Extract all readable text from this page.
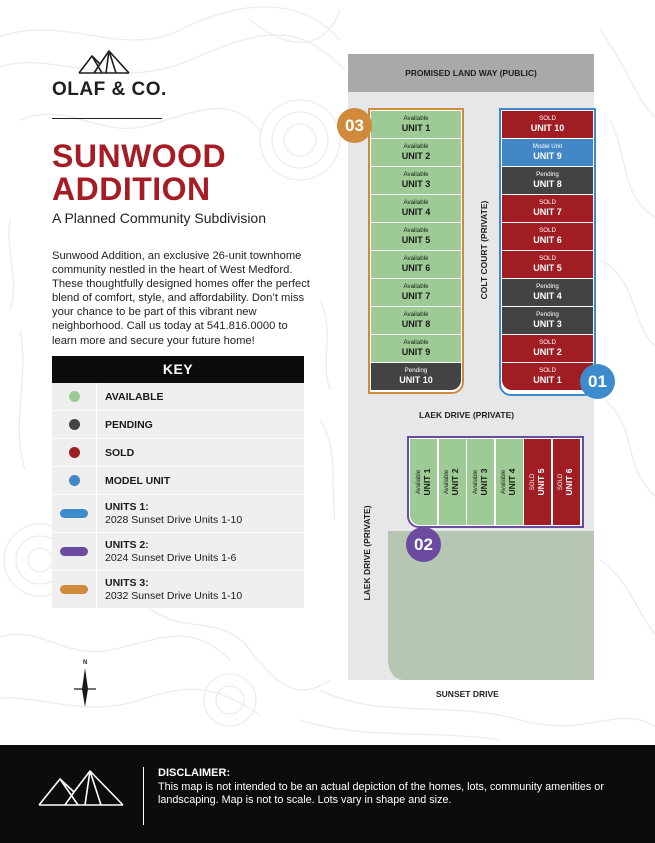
OLAF & CO.
SUNWOOD
ADDITION
A Planned Community Subdivision
Sunwood Addition, an exclusive 26-unit townhome community nestled in the heart of West Medford. These thoughtfully designed homes offer the perfect blend of comfort, style, and affordability. Don’t miss your chance to be part of this vibrant new neighborhood. Call us today at 541.816.0000 to learn more and secure your future home!
KEY
AVAILABLE
PENDING
SOLD
MODEL UNIT
UNITS 1:
2028 Sunset Drive Units 1-10
UNITS 2:
2024 Sunset Drive Units 1-6
UNITS 3:
2032 Sunset Drive Units 1-10
N
PROMISED LAND WAY (PUBLIC)
Available
UNIT 1
Available
UNIT 2
Available
UNIT 3
Available
UNIT 4
Available
UNIT 5
Available
UNIT 6
Available
UNIT 7
Available
UNIT 8
Available
UNIT 9
Pending
UNIT 10
03	SOLD
UNIT 10
Model Unit
UNIT 9
Pending
UNIT 8
SOLD
UNIT 7
SOLD
UNIT 6
SOLD
UNIT 5
Pending
UNIT 4
Pending
UNIT 3
SOLD
UNIT 2
SOLD
UNIT 1	01
Available UNIT 1 Available UNIT 2 Available UNIT 3 Available UNIT 4 SOLD UNIT 5 SOLD UNIT 6
02
COLT COURT (PRIVATE)
LAEK DRIVE (PRIVATE)
LAEK DRIVE (PRIVATE)
SUNSET DRIVE
DISCLAIMER:
This map is not intended to be an actual depiction of the homes, lots, community amenities or landscaping. Map is not to scale. Lots vary in shape and size.
